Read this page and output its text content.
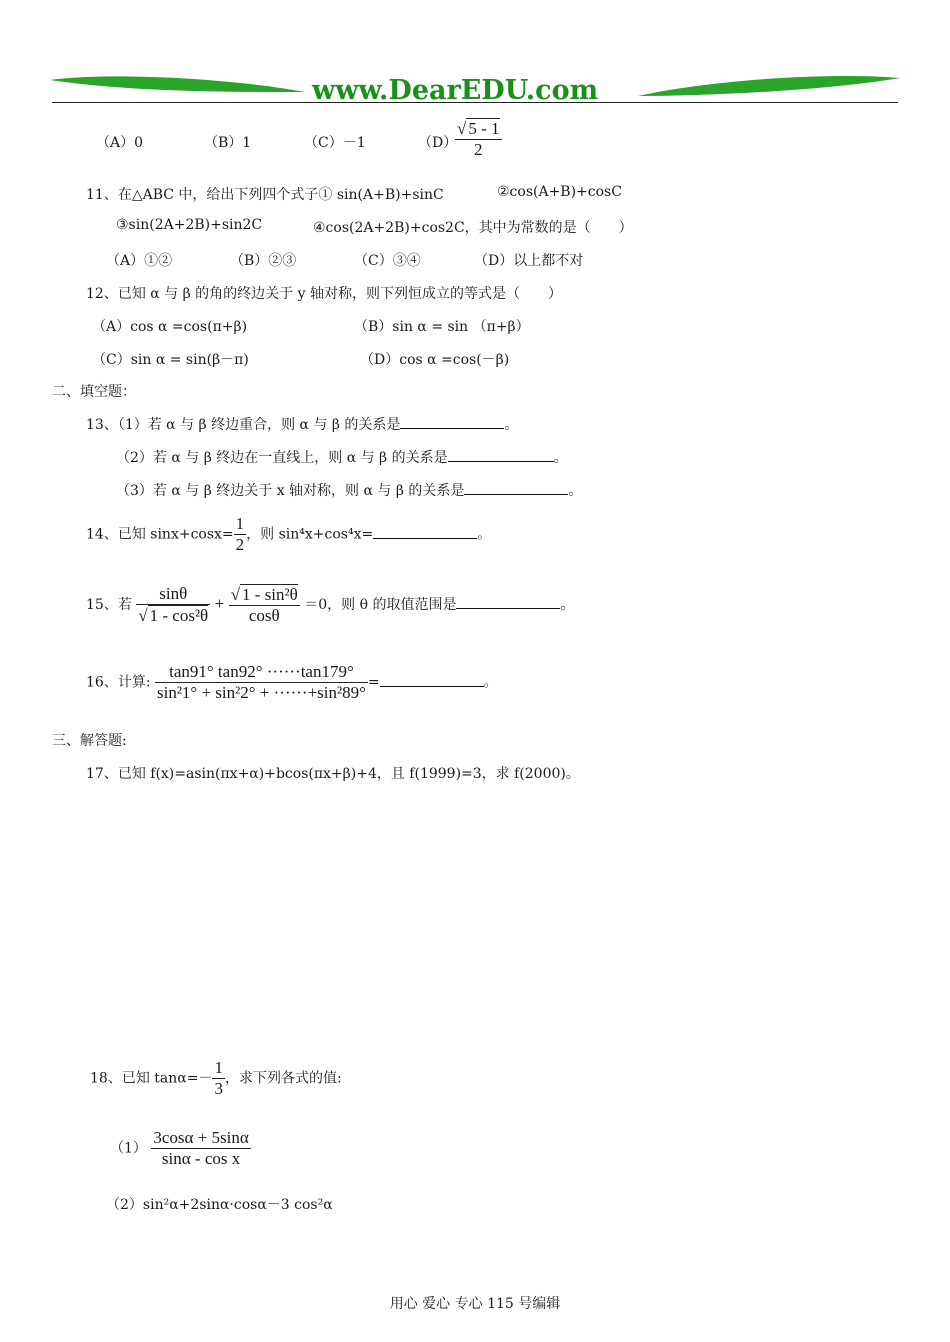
www.DearEDU.com
（A）0	（B）1	（C）－1	（D）
$\frac{√ 5 - 1}{2}$
11、在△ABC 中，给出下列四个式子① sin(A+B)+sinC	②cos(A+B)+cosC
③sin(2A+2B)+sin2C	④cos(2A+2B)+cos2C，其中为常数的是（　　）
（A）①②	（B）②③	（C）③④	（D）以上都不对
12、已知 α 与 β 的角的终边关于 y 轴对称，则下列恒成立的等式是（　　）
（A）cos α =cos(π+β)	（B）sin α = sin （π+β）
（C）sin α = sin(β－π)	（D）cos α =cos(－β)
二、填空题：
13、（1）若 α 与 β 终边重合，则 α 与 β 的关系是	。
（2）若 α 与 β 终边在一直线上，则 α 与 β 的关系是	。
（3）若 α 与 β 终边关于 x 轴对称，则 α 与 β 的关系是	。
14、已知 $\sin x+\cos x= \frac{1}{2}$ ，则 sin⁴x+cos⁴x=	。
15、若 $\frac{\sin\theta}{\text{√ 1 - cos²θ}} + \frac{\text{√ 1 - sin²θ}}{\cos\theta} =0$，则 θ 的取值范围是	。
16、计算: $\frac{\tan 91^\circ \tan 92^\circ \cdot\cdot\cdot\cdot\cdot\cdot\tan 179^\circ}{\text{sin²1° + sin²2° + ······+sin²89°}}$ =	。
三、解答题:
17、已知 f(x)=asin(πx+α)+bcos(πx+β)+4，且 f(1999)=3，求 f(2000)。
18、已知 $\tan\alpha=- \frac{1}{3}$ ，求下列各式的值:
$(1) \frac{3\cos\alpha + 5\sin\alpha}{\text{sinα - cos x}}$
（2）sin²α+2sinα·cosα－3 cos²α
用心 爱心 专心 115 号编辑
